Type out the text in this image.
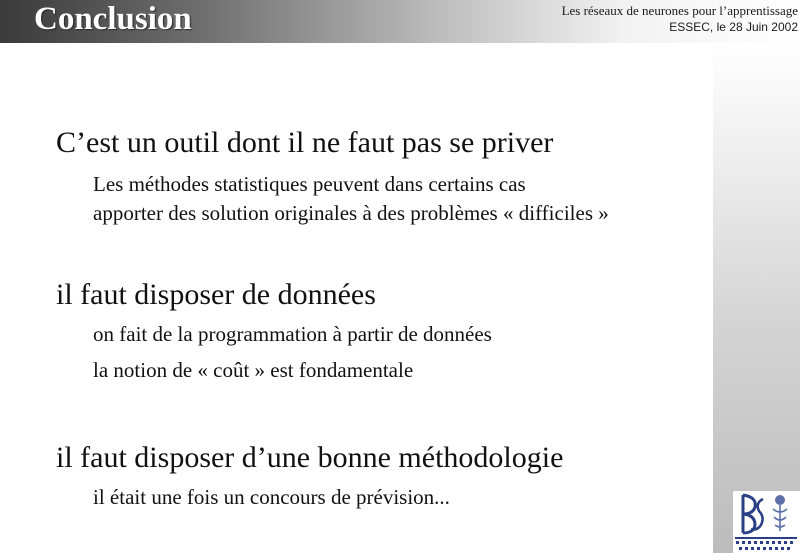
Conclusion	Les réseaux de neurones pour l’apprentissage
ESSEC, le 28 Juin 2002
C’est un outil dont il ne faut pas se priver
Les méthodes statistiques peuvent dans certains cas
apporter des solution originales à des problèmes « difficiles »
il faut disposer de données
on fait de la programmation à partir de données
la notion de « coût » est fondamentale
il faut disposer d’une bonne méthodologie
il était une fois un concours de prévision...
